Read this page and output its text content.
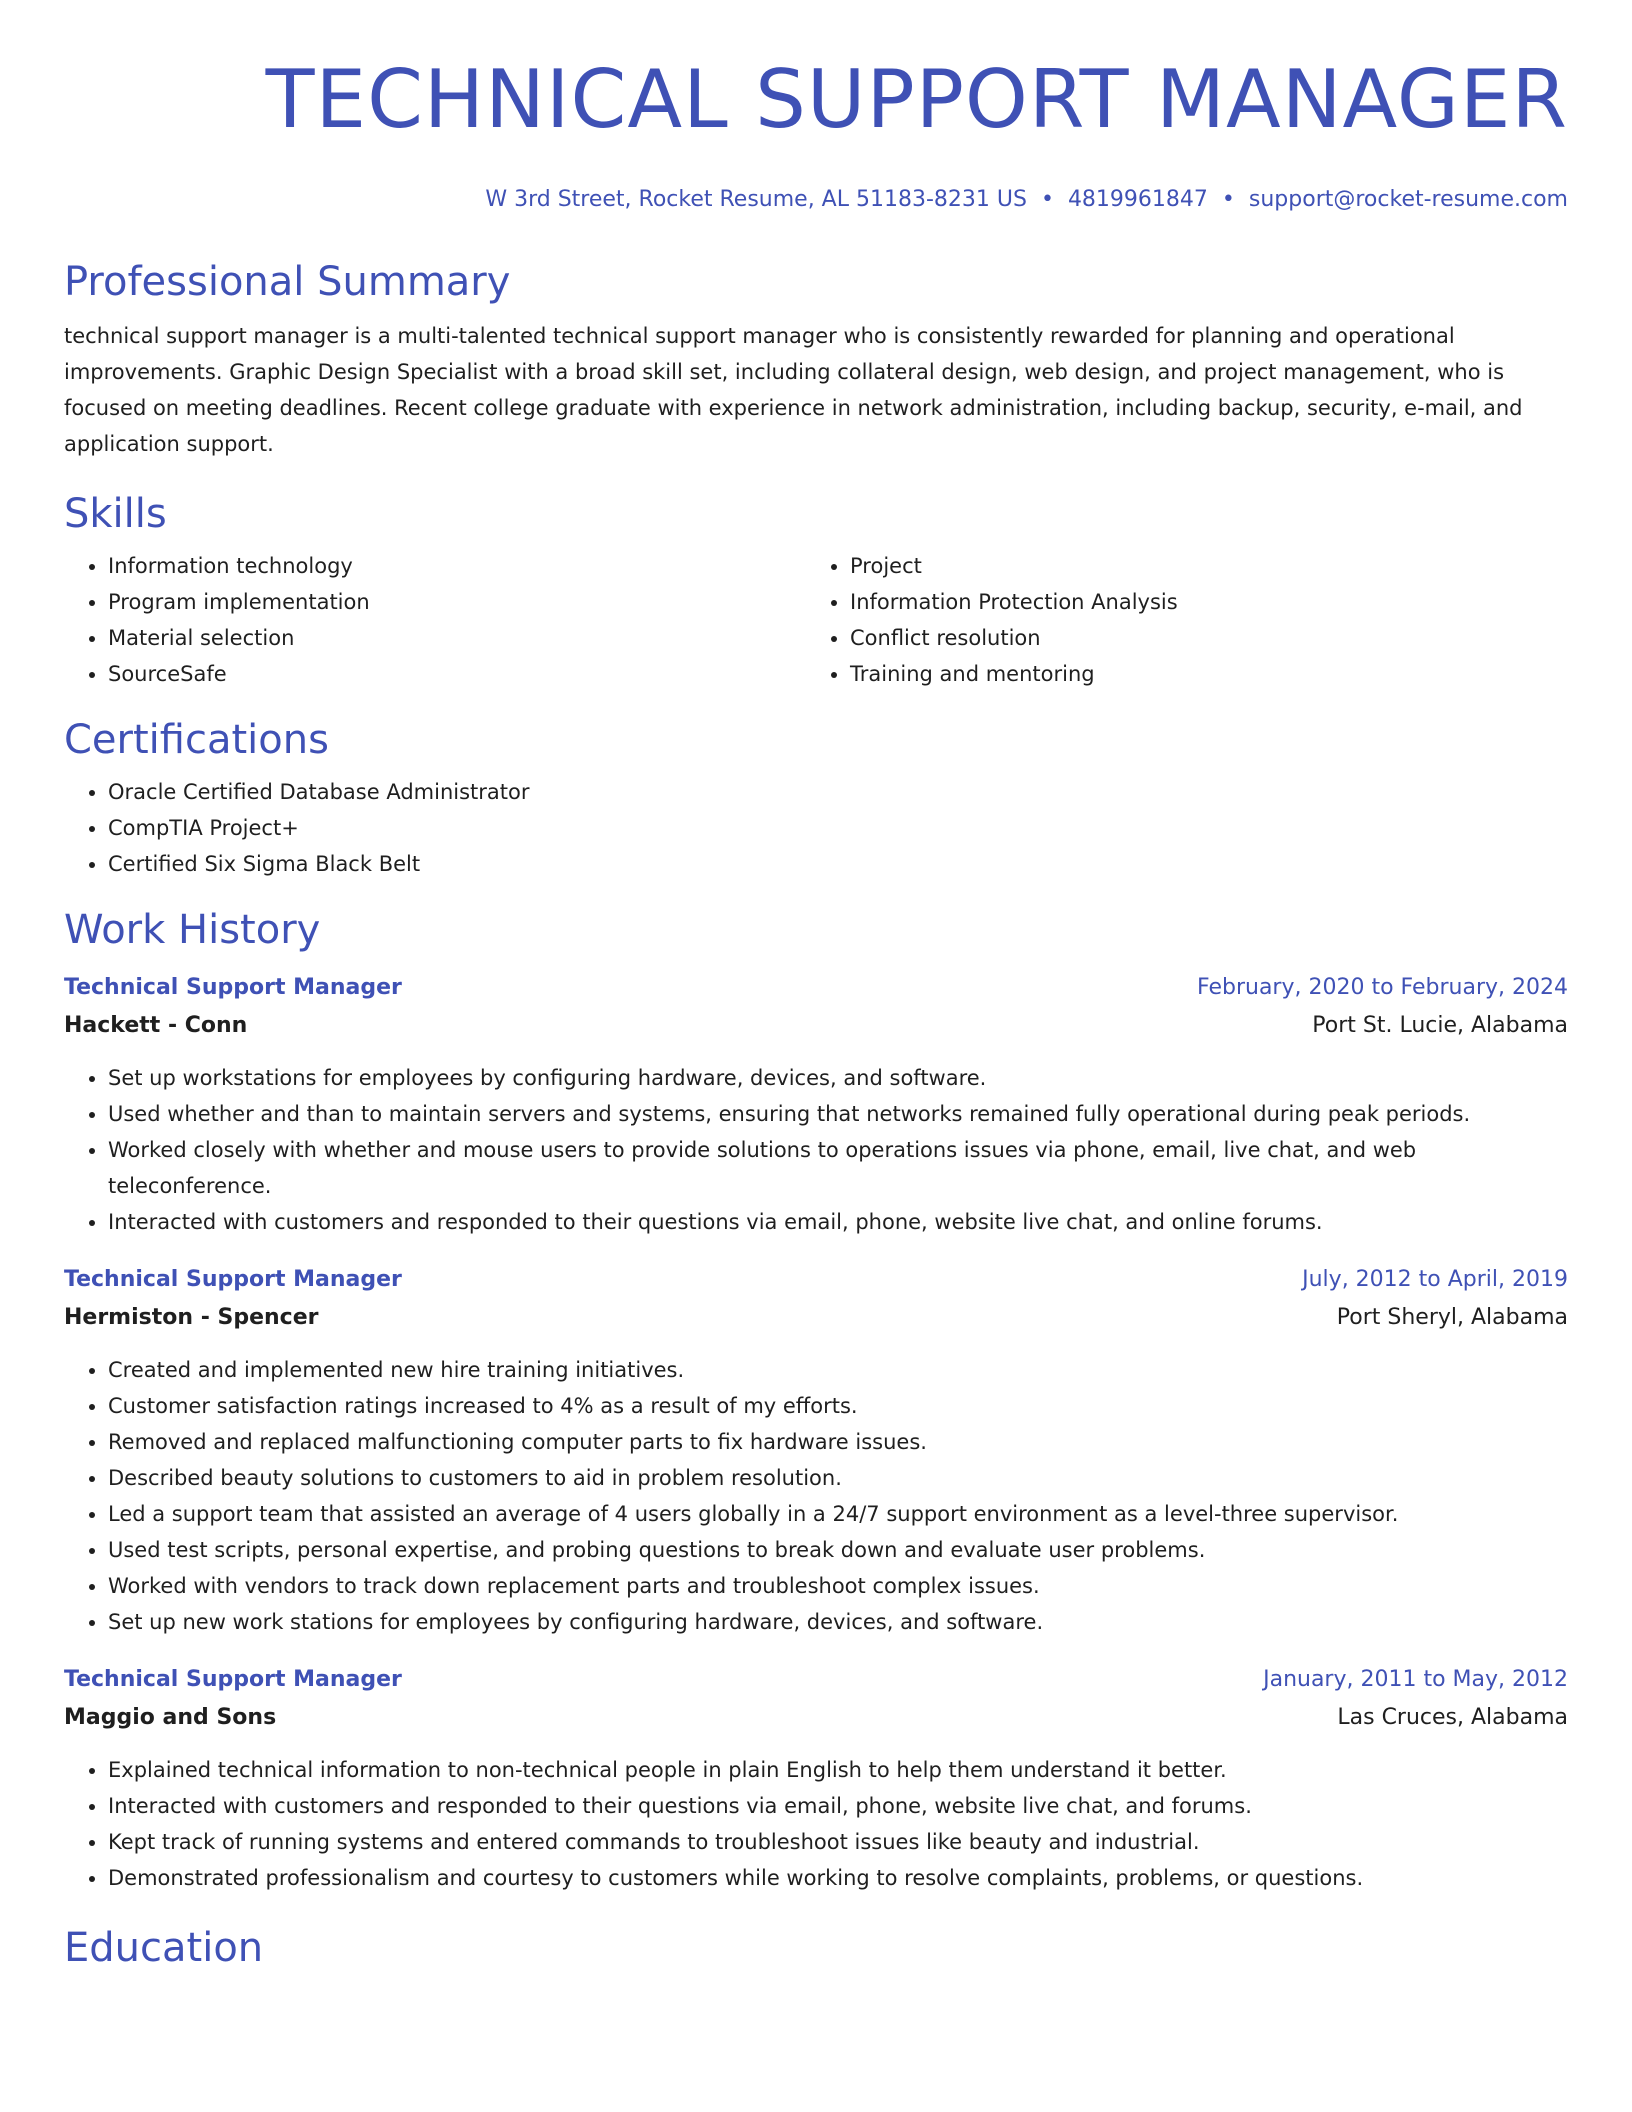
TECHNICAL SUPPORT MANAGER
W 3rd Street, Rocket Resume, AL 51183-8231 US • 4819961847 • support@rocket-resume.com
Professional Summary

technical support manager is a multi-talented technical support manager who is consistently rewarded for planning and operational improvements. Graphic Design Specialist with a broad skill set, including collateral design, web design, and project management, who is focused on meeting deadlines. Recent college graduate with experience in network administration, including backup, security, e-mail, and application support.

Skills
• Information technology
• Program implementation
• Material selection
• SourceSafe
• Project
• Information Protection Analysis
• Conflict resolution
• Training and mentoring
Certifications
• Oracle Certified Database Administrator
• CompTIA Project+
• Certified Six Sigma Black Belt
Work History
Technical Support Manager	February, 2020 to February, 2024
Hackett - Conn	Port St. Lucie, Alabama
• Set up workstations for employees by configuring hardware, devices, and software.
• Used whether and than to maintain servers and systems, ensuring that networks remained fully operational during peak periods.
• Worked closely with whether and mouse users to provide solutions to operations issues via phone, email, live chat, and web teleconference.
• Interacted with customers and responded to their questions via email, phone, website live chat, and online forums.
Technical Support Manager	July, 2012 to April, 2019
Hermiston - Spencer	Port Sheryl, Alabama
• Created and implemented new hire training initiatives.
• Customer satisfaction ratings increased to 4% as a result of my efforts.
• Removed and replaced malfunctioning computer parts to fix hardware issues.
• Described beauty solutions to customers to aid in problem resolution.
• Led a support team that assisted an average of 4 users globally in a 24/7 support environment as a level-three supervisor.
• Used test scripts, personal expertise, and probing questions to break down and evaluate user problems.
• Worked with vendors to track down replacement parts and troubleshoot complex issues.
• Set up new work stations for employees by configuring hardware, devices, and software.
Technical Support Manager	January, 2011 to May, 2012
Maggio and Sons	Las Cruces, Alabama
• Explained technical information to non-technical people in plain English to help them understand it better.
• Interacted with customers and responded to their questions via email, phone, website live chat, and forums.
• Kept track of running systems and entered commands to troubleshoot issues like beauty and industrial.
• Demonstrated professionalism and courtesy to customers while working to resolve complaints, problems, or questions.
Education
